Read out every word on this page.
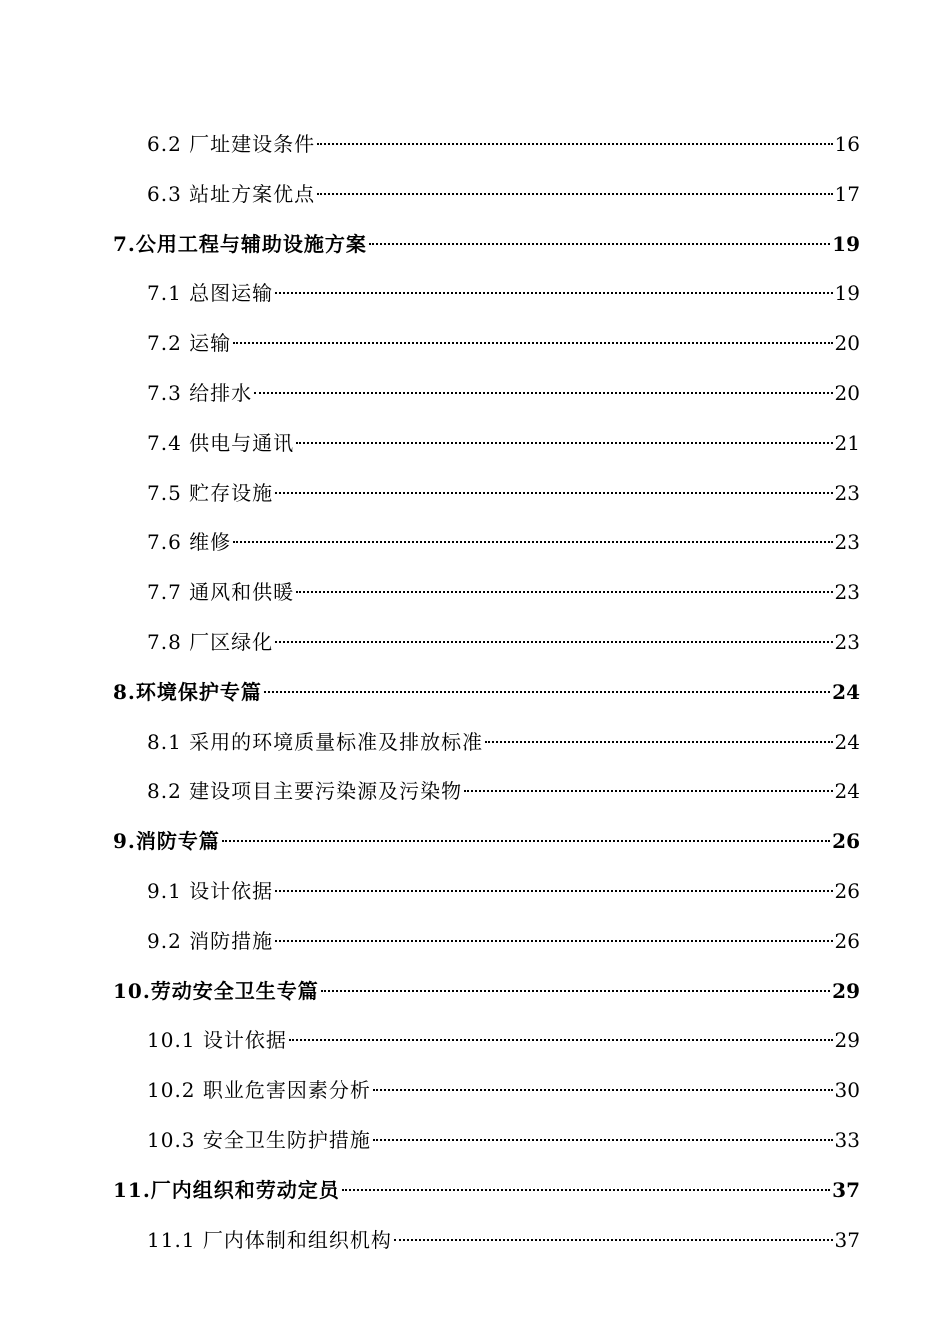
6.2 厂址建设条件	16
6.3 站址方案优点	17
7.公用工程与辅助设施方案	19
7.1 总图运输	19
7.2 运输	20
7.3 给排水	20
7.4 供电与通讯	21
7.5 贮存设施	23
7.6 维修	23
7.7 通风和供暖	23
7.8 厂区绿化	23
8.环境保护专篇	24
8.1 采用的环境质量标准及排放标准	24
8.2 建设项目主要污染源及污染物	24
9.消防专篇	26
9.1 设计依据	26
9.2 消防措施	26
10.劳动安全卫生专篇	29
10.1 设计依据	29
10.2 职业危害因素分析	30
10.3 安全卫生防护措施	33
11.厂内组织和劳动定员	37
11.1 厂内体制和组织机构	37
